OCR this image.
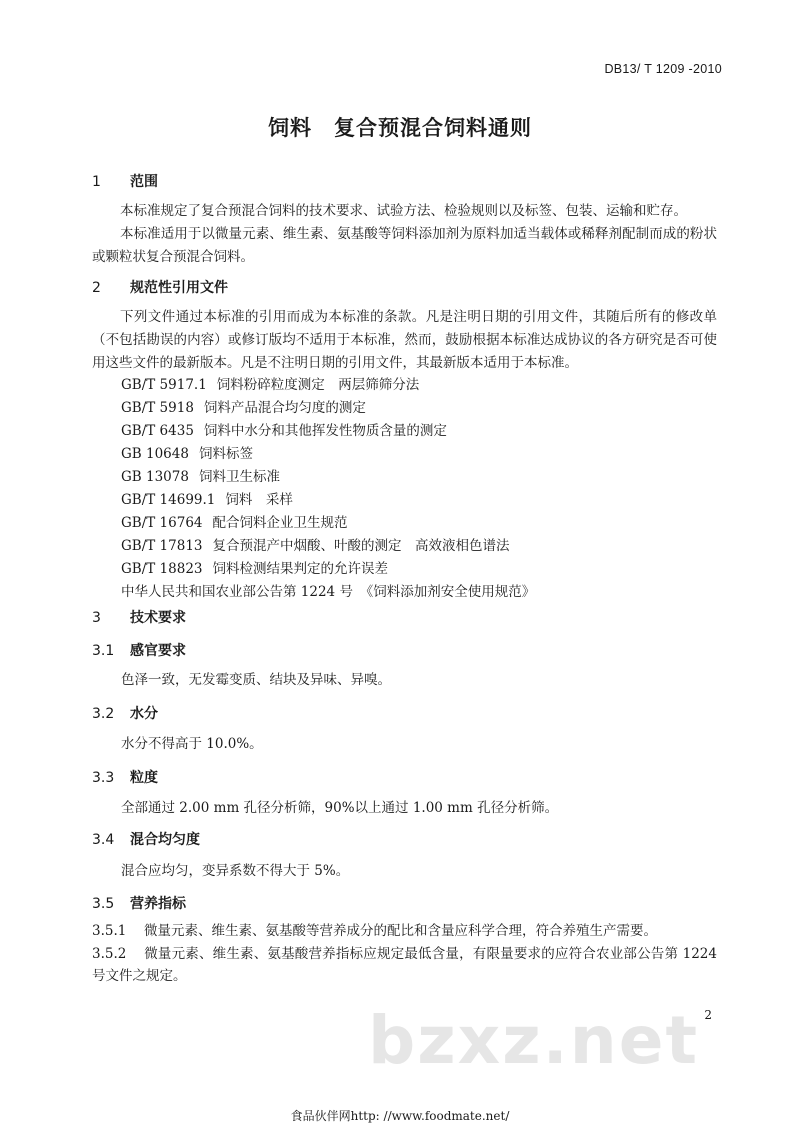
DB13/ T 1209 -2010
饲料 复合预混合饲料通则
1 范围
本标准规定了复合预混合饲料的技术要求、试验方法、检验规则以及标签、包装、运输和贮存。
本标准适用于以微量元素、维生素、氨基酸等饲料添加剂为原料加适当载体或稀释剂配制而成的粉状或颗粒状复合预混合饲料。
2 规范性引用文件
下列文件通过本标准的引用而成为本标准的条款。凡是注明日期的引用文件，其随后所有的修改单（不包括勘误的内容）或修订版均不适用于本标准，然而，鼓励根据本标准达成协议的各方研究是否可使用这些文件的最新版本。凡是不注明日期的引用文件，其最新版本适用于本标准。
GB/T 5917.1 饲料粉碎粒度测定　两层筛筛分法
GB/T 5918 饲料产品混合均匀度的测定
GB/T 6435 饲料中水分和其他挥发性物质含量的测定
GB 10648 饲料标签
GB 13078 饲料卫生标准
GB/T 14699.1 饲料　采样
GB/T 16764 配合饲料企业卫生规范
GB/T 17813 复合预混产中烟酸、叶酸的测定　高效液相色谱法
GB/T 18823 饲料检测结果判定的允许误差
中华人民共和国农业部公告第 1224 号　《饲料添加剂安全使用规范》
3 技术要求
3.1 感官要求
色泽一致，无发霉变质、结块及异味、异嗅。
3.2 水分
水分不得高于 10.0%。
3.3 粒度
全部通过 2.00 mm 孔径分析筛，90%以上通过 1.00 mm 孔径分析筛。
3.4 混合均匀度
混合应均匀，变异系数不得大于 5%。
3.5 营养指标
3.5.1 微量元素、维生素、氨基酸等营养成分的配比和含量应科学合理，符合养殖生产需要。
3.5.2 微量元素、维生素、氨基酸营养指标应规定最低含量，有限量要求的应符合农业部公告第 1224 号文件之规定。
bzxz.net 2
食品伙伴网http: //www.foodmate.net/
